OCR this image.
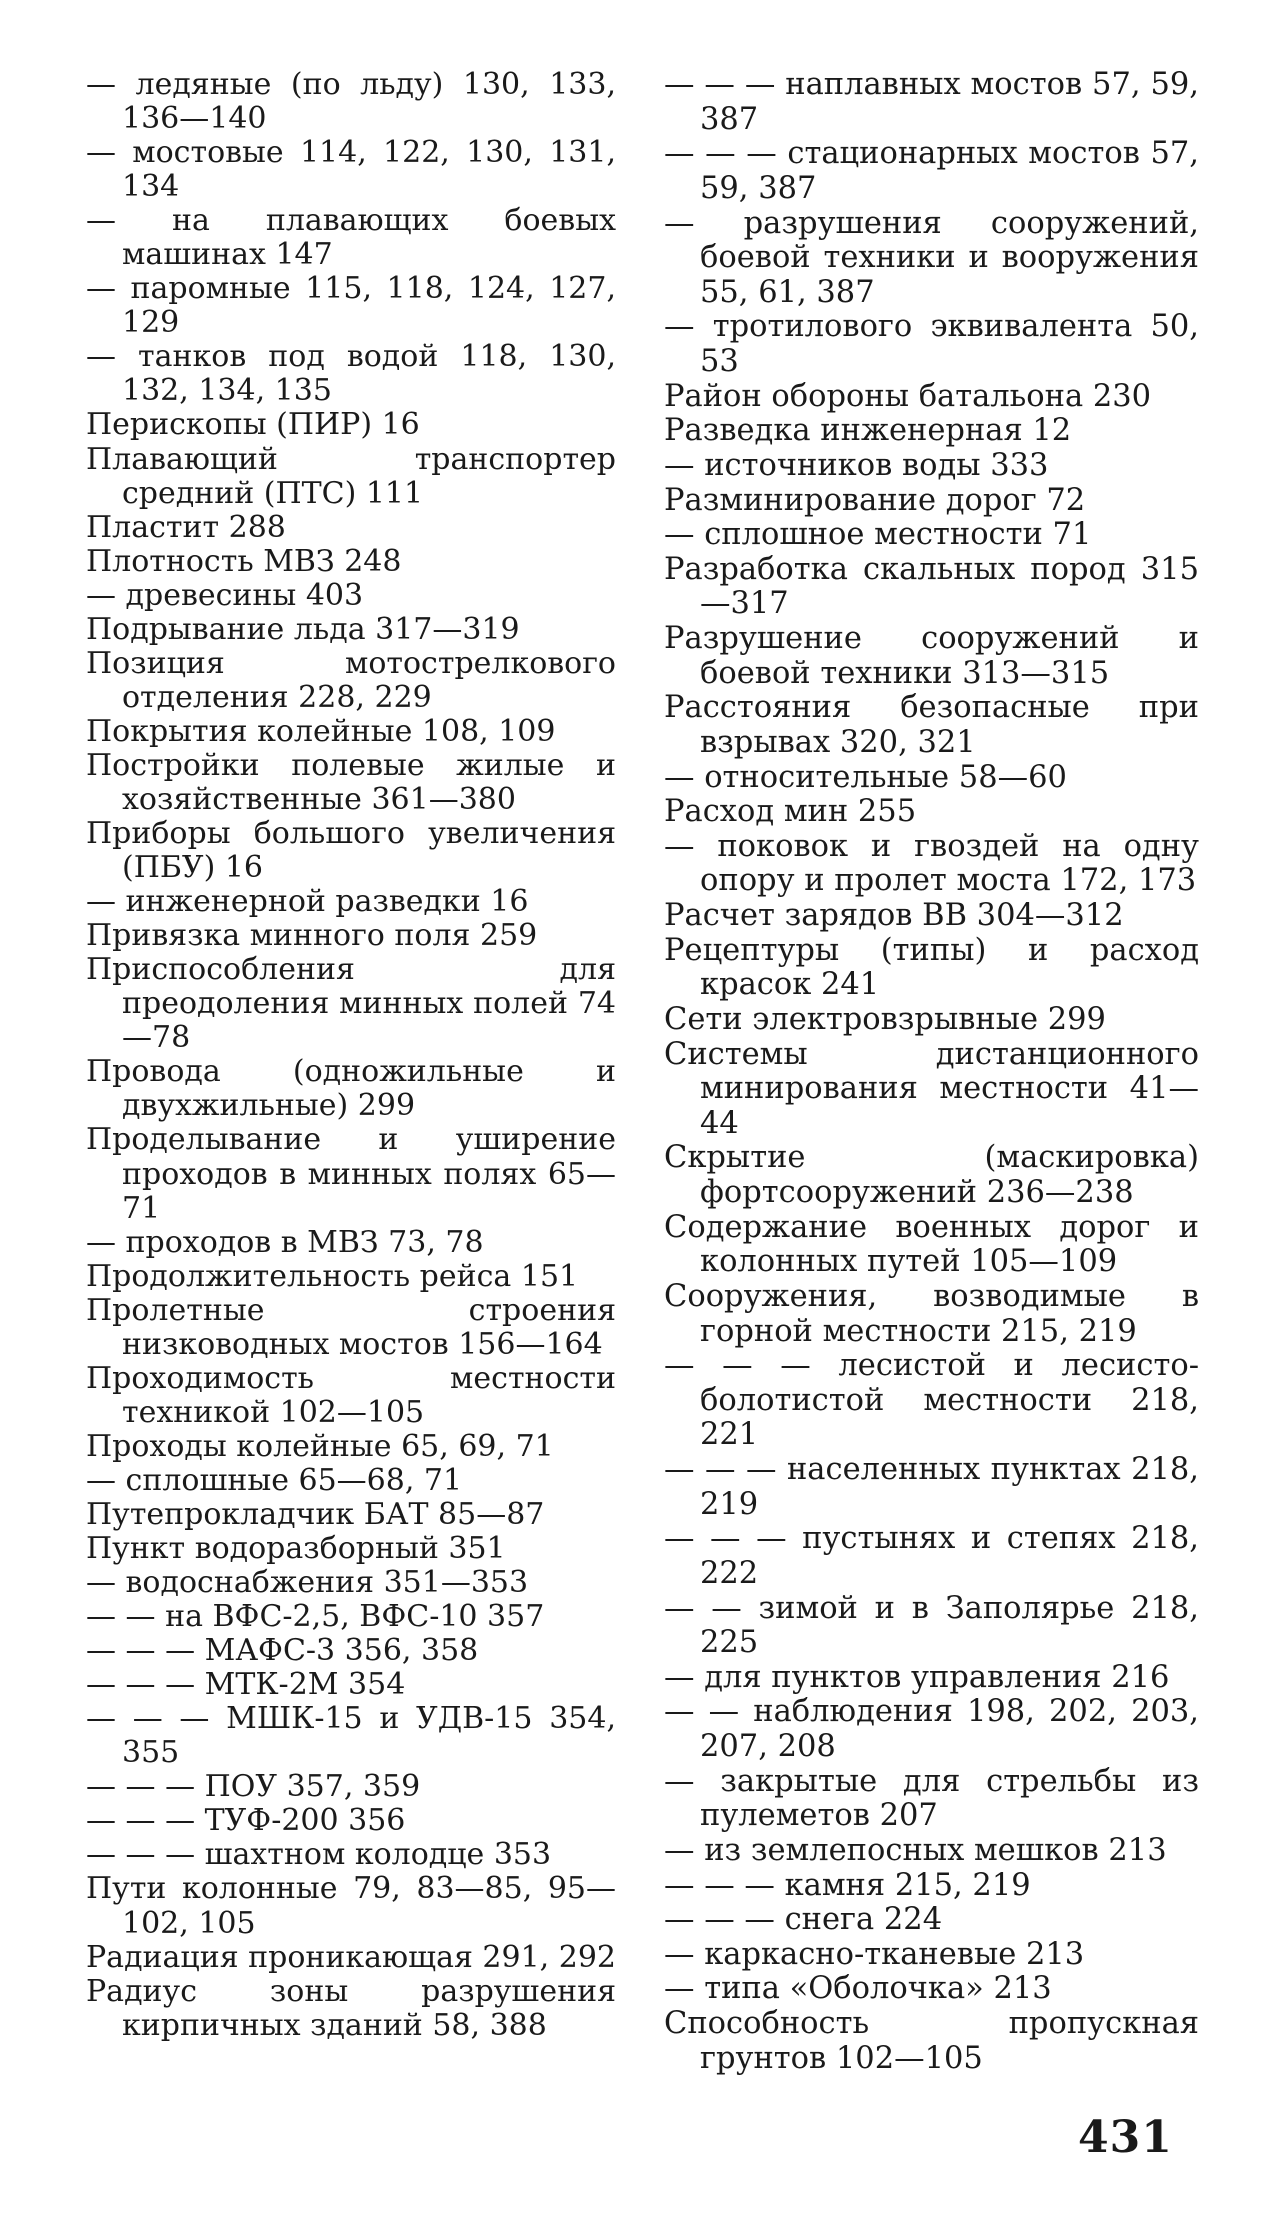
— ледяные (по льду) 130, 133, 136—140
— мостовые 114, 122, 130, 131, 134
— на плавающих боевых машинах 147
— паромные 115, 118, 124, 127, 129
— танков под водой 118, 130, 132, 134, 135
Перископы (ПИР) 16
Плавающий транспортер средний (ПТС) 111
Пластит 288
Плотность МВЗ 248
— древесины 403
Подрывание льда 317—319
Позиция мотострелкового отделения 228, 229
Покрытия колейные 108, 109
Постройки полевые жилые и хозяйственные 361—380
Приборы большого увеличения (ПБУ) 16
— инженерной разведки 16
Привязка минного поля 259
Приспособления для преодоления минных полей 74—78
Провода (одножильные и двухжильные) 299
Проделывание и уширение проходов в минных полях 65—71
— проходов в МВЗ 73, 78
Продолжительность рейса 151
Пролетные строения низководных мостов 156—164
Проходимость местности техникой 102—105
Проходы колейные 65, 69, 71
— сплошные 65—68, 71
Путепрокладчик БАТ 85—87
Пункт водоразборный 351
— водоснабжения 351—353
— — на ВФС-2,5, ВФС-10 357
— — — МАФС-3 356, 358
— — — МТК-2М 354
— — — МШК-15 и УДВ-15 354, 355
— — — ПОУ 357, 359
— — — ТУФ-200 356
— — — шахтном колодце 353
Пути колонные 79, 83—85, 95—102, 105
Радиация проникающая 291, 292
Радиус зоны разрушения кирпичных зданий 58, 388
— — — наплавных мостов 57, 59, 387
— — — стационарных мостов 57, 59, 387
— разрушения сооружений, боевой техники и вооружения 55, 61, 387
— тротилового эквивалента 50, 53
Район обороны батальона 230
Разведка инженерная 12
— источников воды 333
Разминирование дорог 72
— сплошное местности 71
Разработка скальных пород 315—317
Разрушение сооружений и боевой техники 313—315
Расстояния безопасные при взрывах 320, 321
— относительные 58—60
Расход мин 255
— поковок и гвоздей на одну опору и пролет моста 172, 173
Расчет зарядов ВВ 304—312
Рецептуры (типы) и расход красок 241
Сети электровзрывные 299
Системы дистанционного минирования местности 41—44
Скрытие (маскировка) фортсооружений 236—238
Содержание военных дорог и колонных путей 105—109
Сооружения, возводимые в горной местности 215, 219
— — — лесистой и лесисто-болотистой местности 218, 221
— — — населенных пунктах 218, 219
— — — пустынях и степях 218, 222
— — зимой и в Заполярье 218, 225
— для пунктов управления 216
— — наблюдения 198, 202, 203, 207, 208
— закрытые для стрельбы из пулеметов 207
— из землепосных мешков 213
— — — камня 215, 219
— — — снега 224
— каркасно-тканевые 213
— типа «Оболочка» 213
Способность пропускная грунтов 102—105
431
